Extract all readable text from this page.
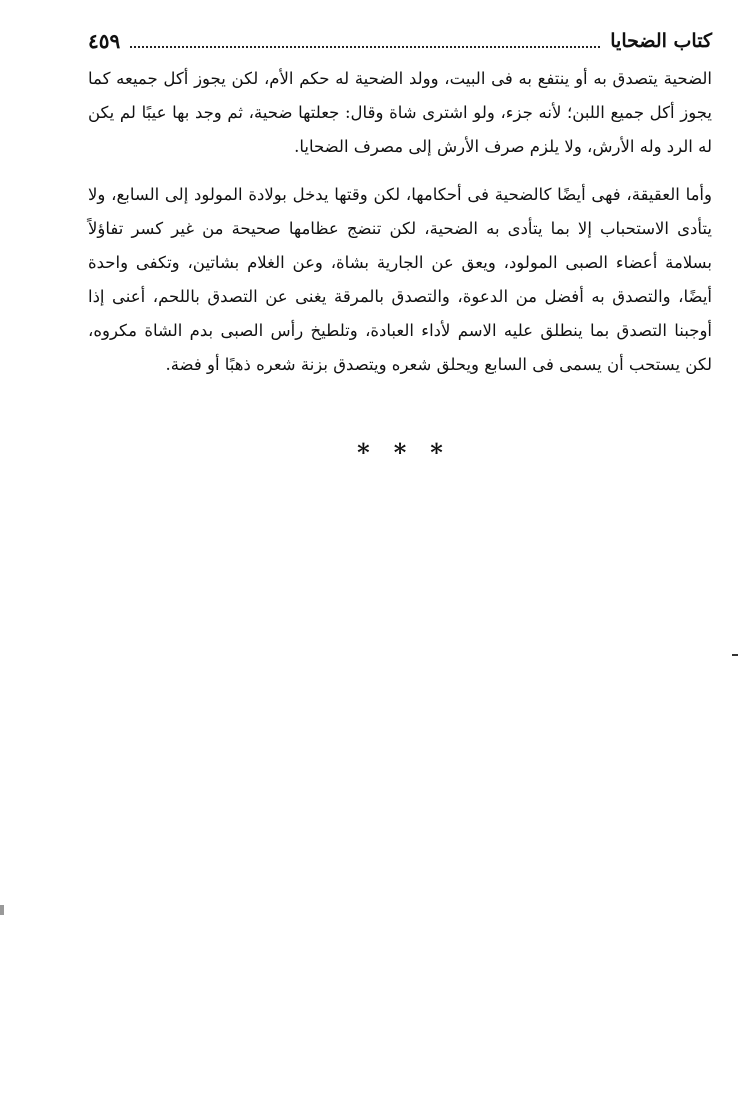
كتاب الضحايا
٤٥٩

الضحية يتصدق به أو ينتفع به فى البيت، وولد الضحية له حكم الأم، لكن يجوز أكل جميعه كما يجوز أكل جميع اللبن؛ لأنه جزء، ولو اشترى شاة وقال: جعلتها ضحية، ثم وجد بها عيبًا لم يكن له الرد وله الأرش، ولا يلزم صرف الأرش إلى مصرف الضحايا.

وأما العقيقة، فهى أيضًا كالضحية فى أحكامها، لكن وقتها يدخل بولادة المولود إلى السابع، ولا يتأدى الاستحباب إلا بما يتأدى به الضحية، لكن تنضج عظامها صحيحة من غير كسر تفاؤلاً بسلامة أعضاء الصبى المولود، ويعق عن الجارية بشاة، وعن الغلام بشاتين، وتكفى واحدة أيضًا، والتصدق به أفضل من الدعوة، والتصدق بالمرقة يغنى عن التصدق باللحم، أعنى إذا أوجبنا التصدق بما ينطلق عليه الاسم لأداء العبادة، وتلطيخ رأس الصبى بدم الشاة مكروه، لكن يستحب أن يسمى فى السابع ويحلق شعره ويتصدق بزنة شعره ذهبًا أو فضة.

* * *
